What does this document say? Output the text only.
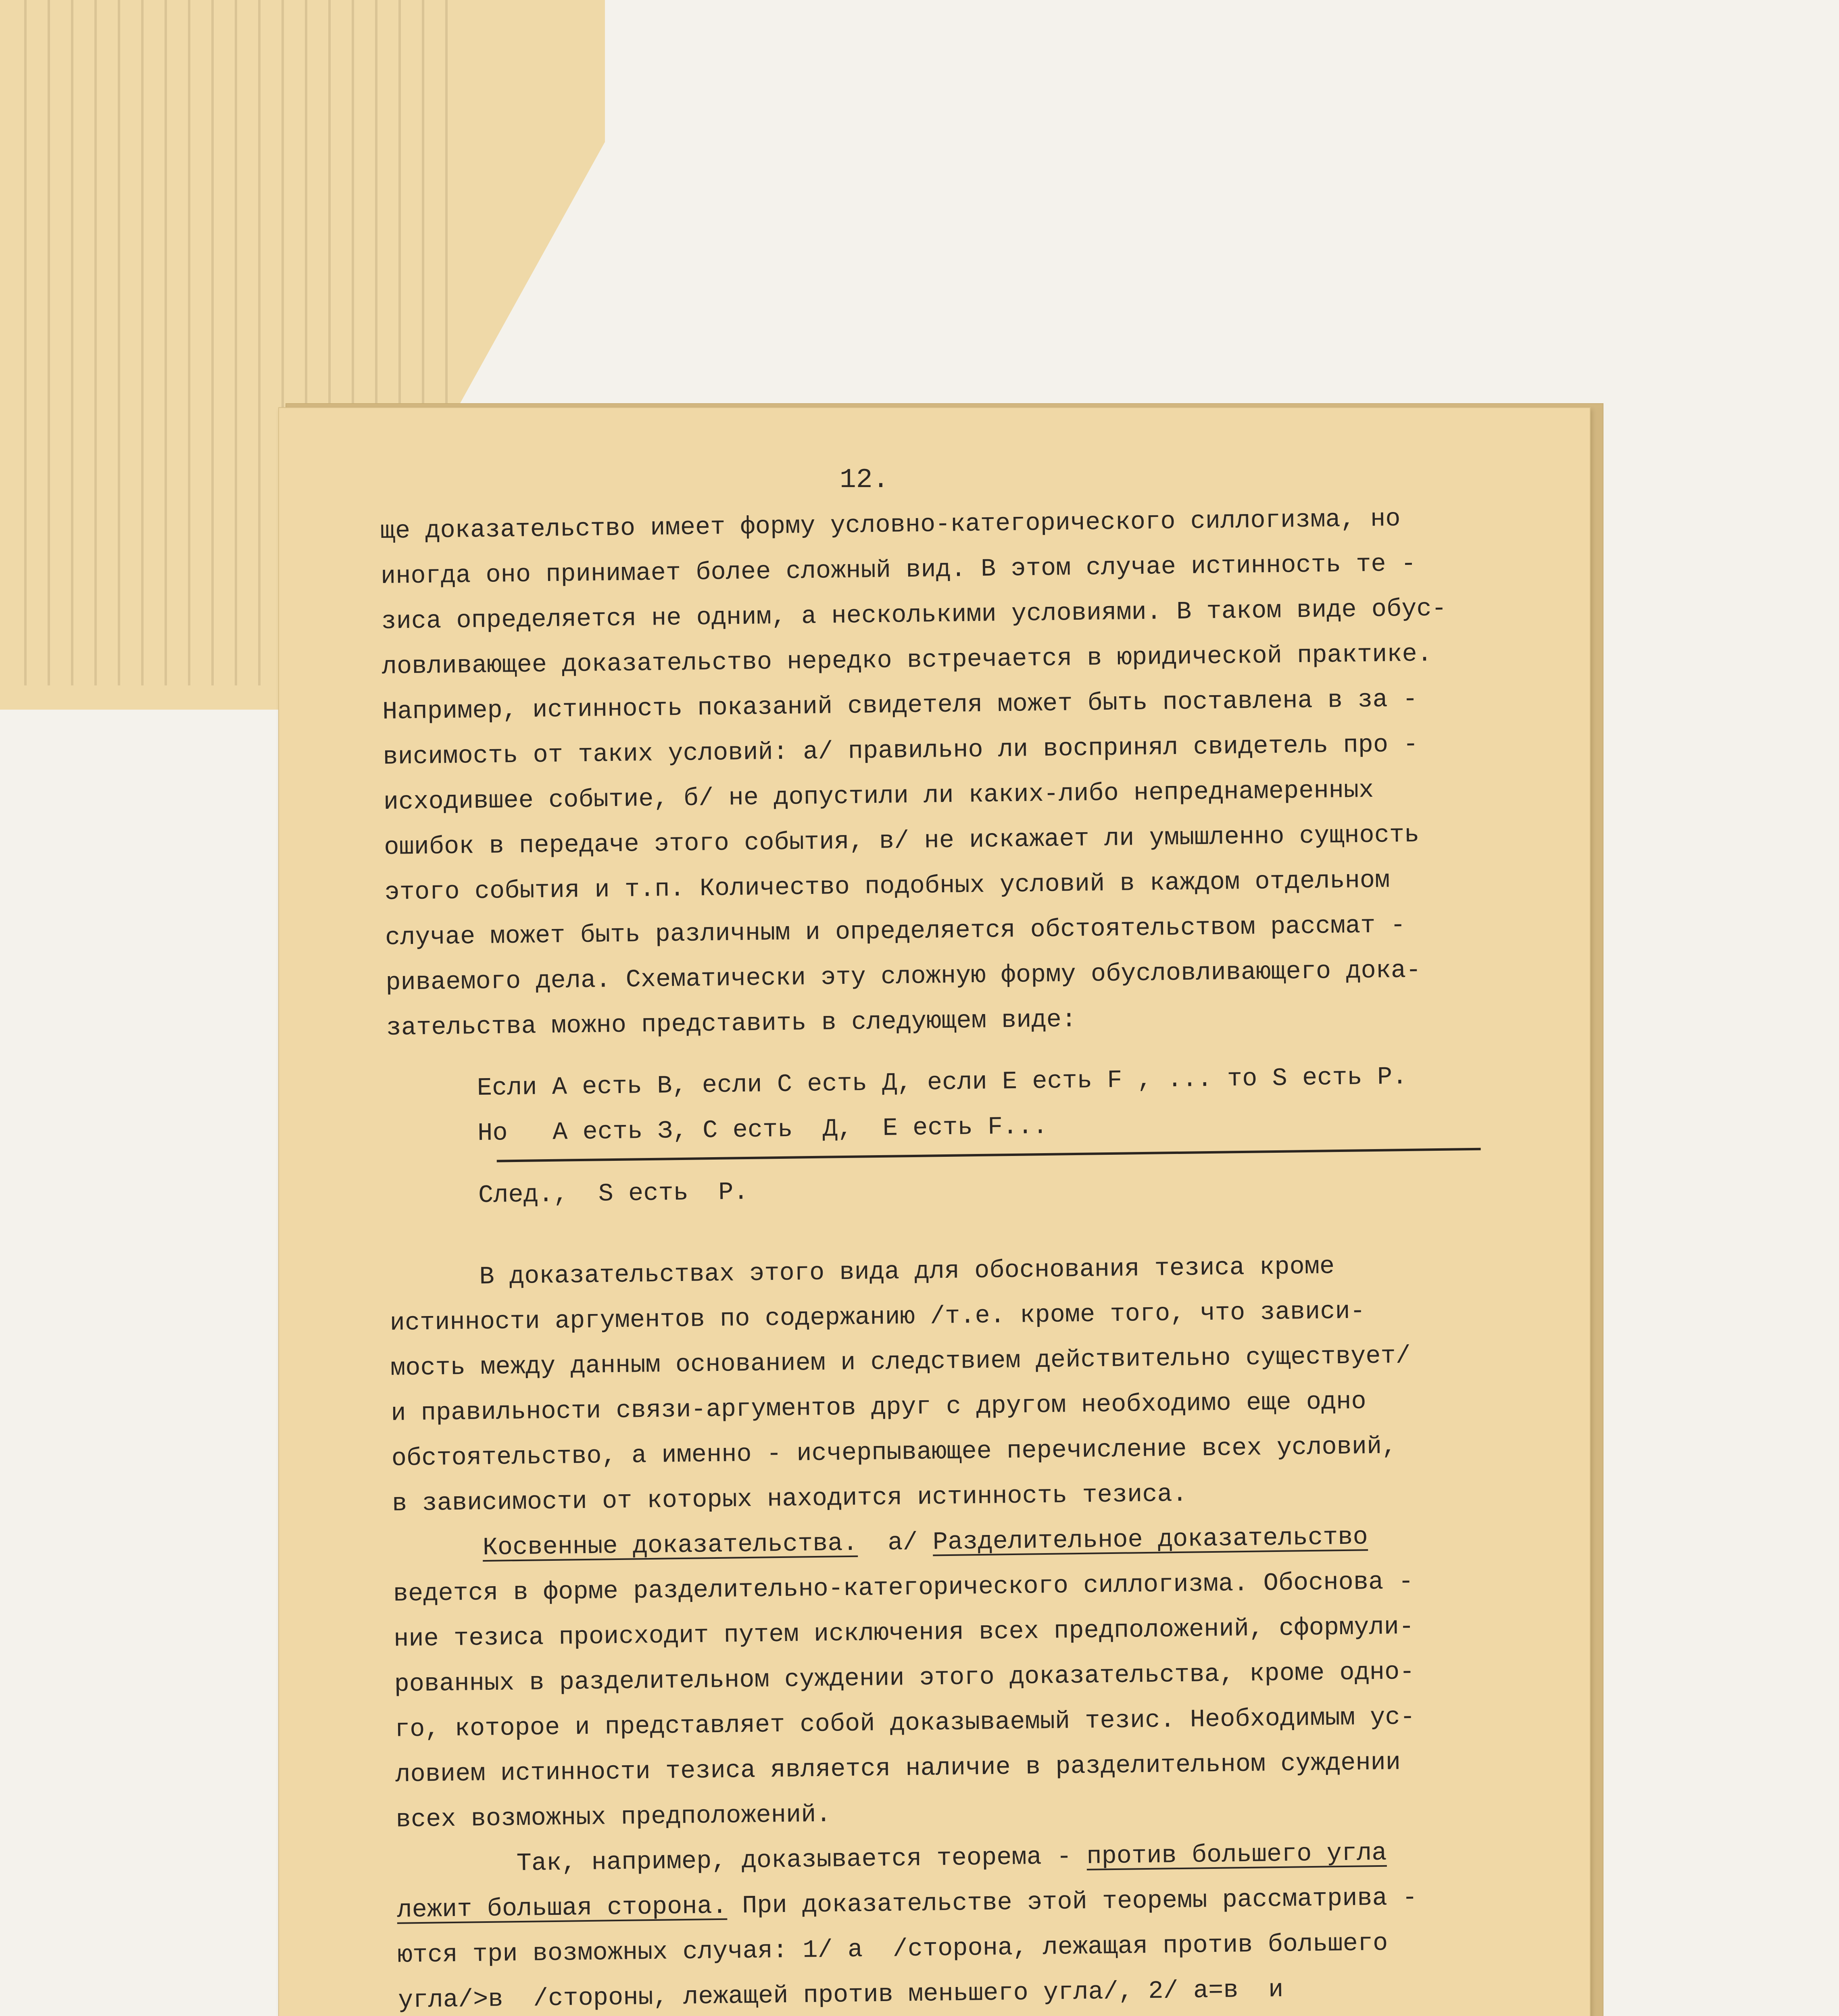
12.

ще доказательство имеет форму условно-категорического силлогизма, но

иногда оно принимает более сложный вид. В этом случае истинность те -

зиса определяется не одним, а несколькими условиями. В таком виде обус-

ловливающее доказательство нередко встречается в юридической практике.

Например, истинность показаний свидетеля может быть поставлена в за -

висимость от таких условий: а/ правильно ли воспринял свидетель про -

исходившее событие, б/ не допустили ли каких-либо непреднамеренных

ошибок в передаче этого события, в/ не искажает ли умышленно сущность

этого события и т.п. Количество подобных условий в каждом отдельном

случае может быть различным и определяется обстоятельством рассмат -

риваемого дела. Схематически эту сложную форму обусловливающего дока-

зательства можно представить в следующем виде:

Если А есть В, если С есть Д, если Е есть F , ... то S есть Р.
Но   А есть З, С есть  Д,  Е есть F...
След.,  S есть  Р.

В доказательствах этого вида для обоснования тезиса кроме

истинности аргументов по содержанию /т.е. кроме того, что зависи-

мость между данным основанием и следствием действительно существует/

и правильности связи-аргументов друг с другом необходимо еще одно

обстоятельство, а именно - исчерпывающее перечисление всех условий,

в зависимости от которых находится истинность тезиса.

Косвенные доказательства.  а/ Разделительное доказательство

ведется в форме разделительно-категорического силлогизма. Обоснова -

ние тезиса происходит путем исключения всех предположений, сформули-

рованных в разделительном суждении этого доказательства, кроме одно-

го, которое и представляет собой доказываемый тезис. Необходимым ус-

ловием истинности тезиса является наличие в разделительном суждении

всех возможных предположений.

Так, например, доказывается теорема - против большего угла

лежит большая сторона. При доказательстве этой теоремы рассматрива -

ются три возможных случая: 1/ а  /сторона, лежащая против большего

угла/>в  /стороны, лежащей против меньшего угла/, 2/ а=в  и
